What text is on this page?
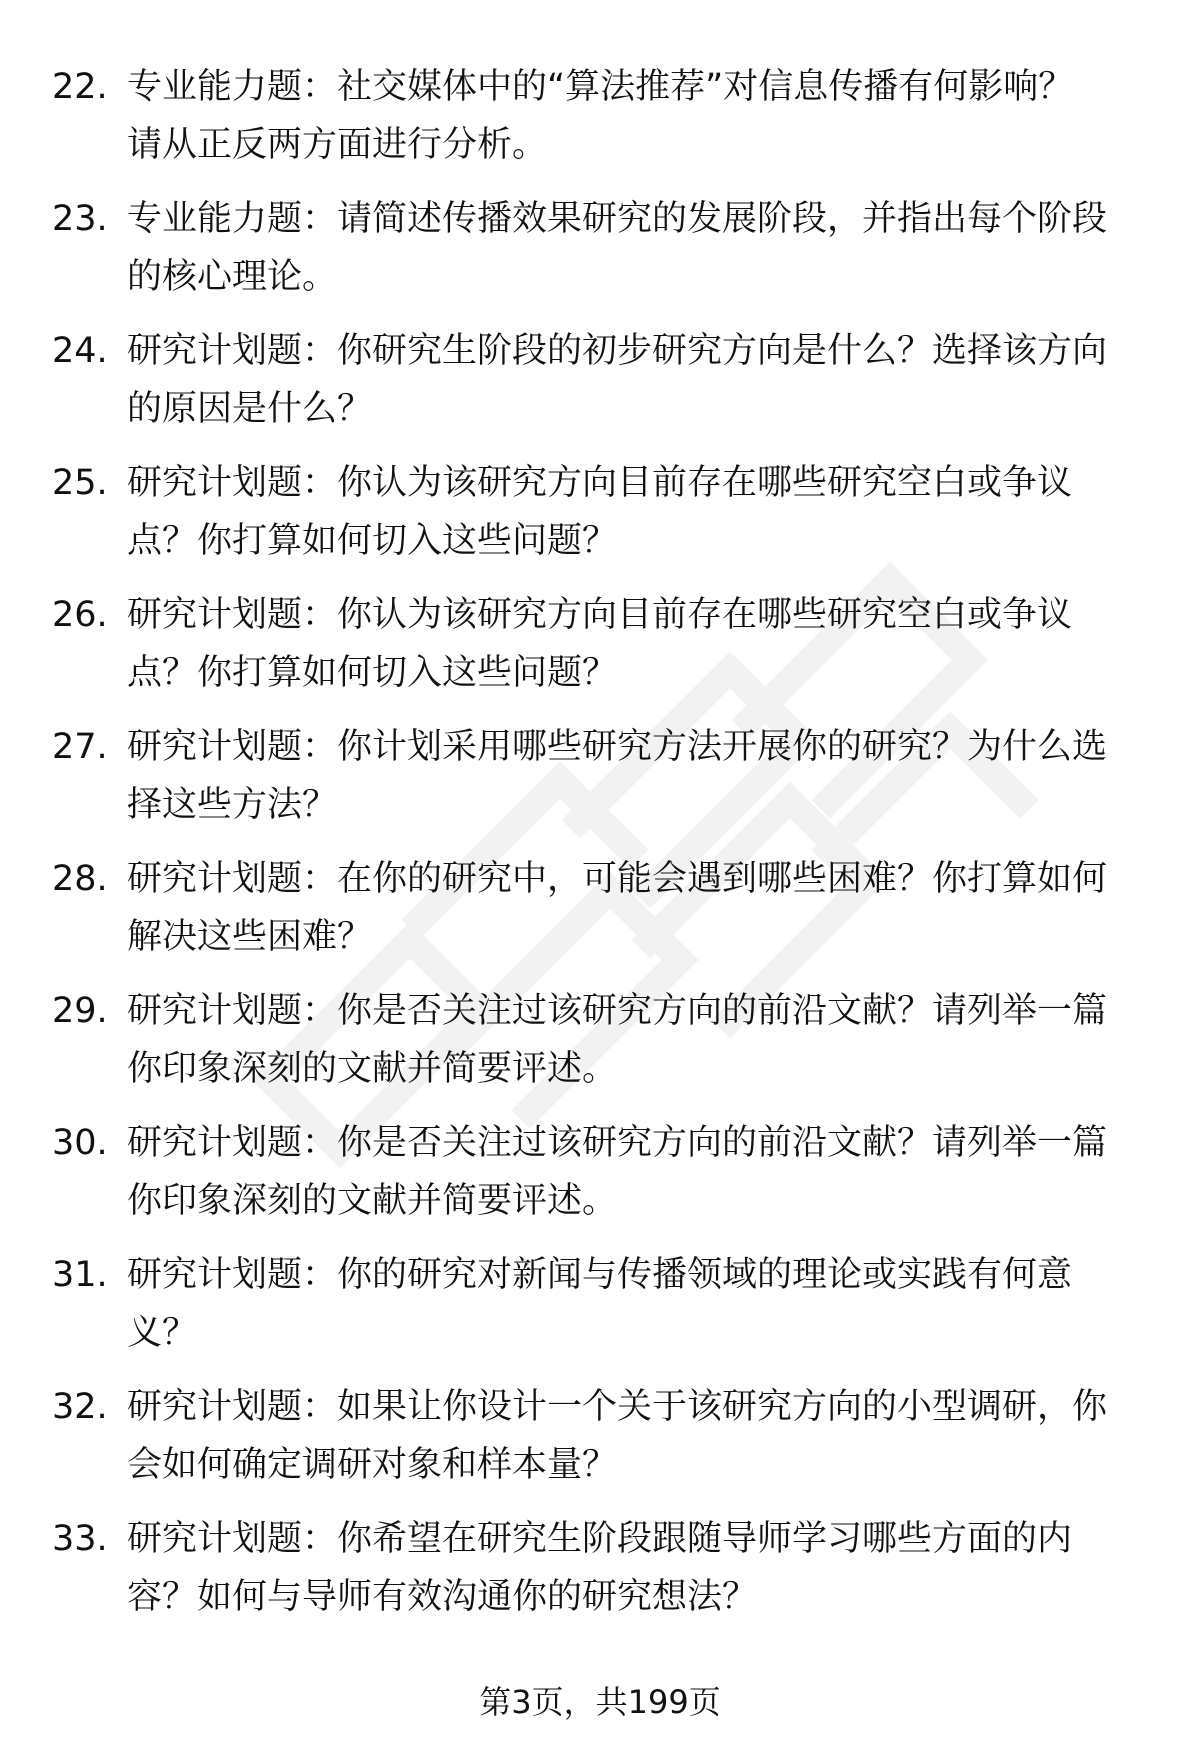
22. 专业能力题：社交媒体中的“算法推荐”对信息传播有何影响？
请从正反两方面进行分析。
23. 专业能力题：请简述传播效果研究的发展阶段，并指出每个阶段
的核心理论。
24. 研究计划题：你研究生阶段的初步研究方向是什么？选择该方向
的原因是什么？
25. 研究计划题：你认为该研究方向目前存在哪些研究空白或争议
点？你打算如何切入这些问题？
26. 研究计划题：你认为该研究方向目前存在哪些研究空白或争议
点？你打算如何切入这些问题？
27. 研究计划题：你计划采用哪些研究方法开展你的研究？为什么选
择这些方法？
28. 研究计划题：在你的研究中，可能会遇到哪些困难？你打算如何
解决这些困难？
29. 研究计划题：你是否关注过该研究方向的前沿文献？请列举一篇
你印象深刻的文献并简要评述。
30. 研究计划题：你是否关注过该研究方向的前沿文献？请列举一篇
你印象深刻的文献并简要评述。
31. 研究计划题：你的研究对新闻与传播领域的理论或实践有何意
义？
32. 研究计划题：如果让你设计一个关于该研究方向的小型调研，你
会如何确定调研对象和样本量？
33. 研究计划题：你希望在研究生阶段跟随导师学习哪些方面的内
容？如何与导师有效沟通你的研究想法？
第3页，共199页
